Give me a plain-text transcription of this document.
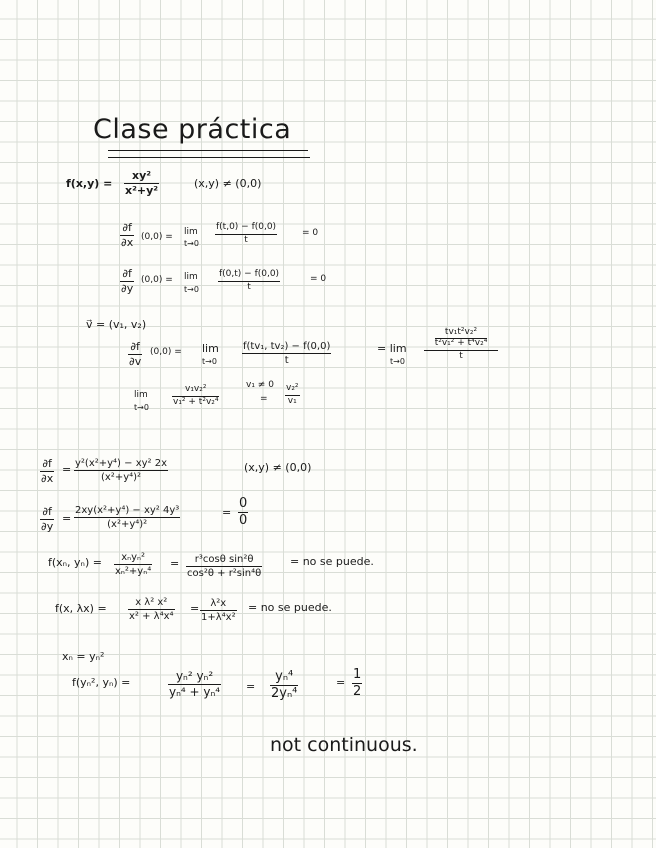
Clase práctica
f(x,y) =
xy²
x²+y²
(x,y) ≠ (0,0)
∂f
∂x (0,0) = lim
t→0
f(t,0) − f(0,0)
t
= 0
∂f
∂y
(0,0) = lim
t→0
f(0,t) − f(0,0)
t
= 0
v⃗ = (v₁, v₂)
∂f
∂v
(0,0) = lim
t→0
f(tv₁, tv₂) − f(0,0)
t
= lim
t→0
tv₁t²v₂²
t²v₁² + t⁴v₂⁴
t
lim
t→0
v₁v₂²
v₁² + t²v₂⁴
v₁ ≠ 0
=
v₂²
v₁
∂f
∂x
= y²(x²+y⁴) − xy² 2x
(x²+y⁴)²
(x,y) ≠ (0,0)
∂f
∂y
=
2xy(x²+y⁴) − xy² 4y³
(x²+y⁴)²
=
0
0
f(xₙ, yₙ) = xₙyₙ²
xₙ²+yₙ⁴
= r³cosθ sin²θ
cos²θ + r²sin⁴θ
= no se puede.
f(x, λx) =	x λ² x²
x² + λ⁴x⁴
= λ²x
1+λ⁴x²
= no se puede.
xₙ = yₙ²
f(yₙ², yₙ) =	yₙ² yₙ²
yₙ⁴ + yₙ⁴ =
yₙ⁴
2yₙ⁴
=
1
2
not continuous.
